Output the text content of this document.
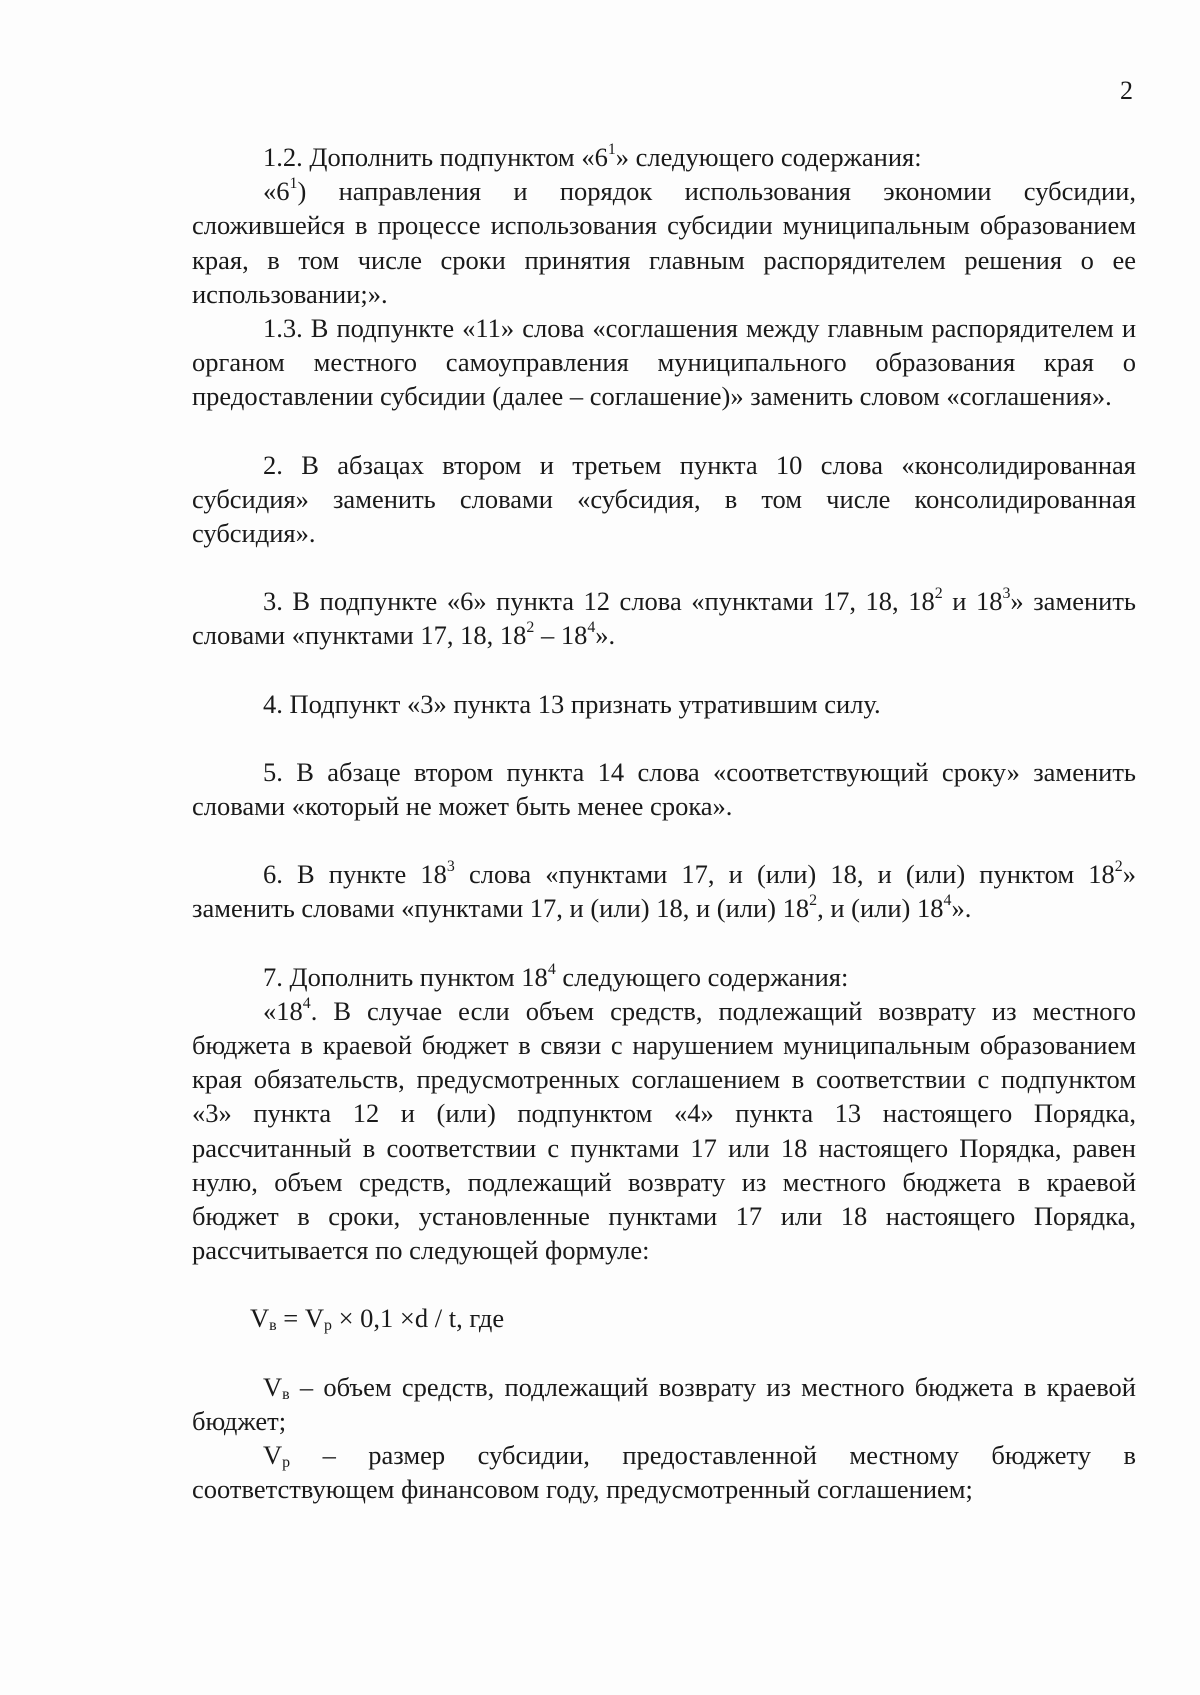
2

1.2. Дополнить подпунктом «$6^1$» следующего содержания:

«$6^1$) направления и порядок использования экономии субсидии, сложившейся в процессе использования субсидии муниципальным образованием края, в том числе сроки принятия главным распорядителем решения о ее использовании;».

1.3. В подпункте «11» слова «соглашения между главным распорядителем и органом местного самоуправления муниципального образования края о предоставлении субсидии (далее – соглашение)» заменить словом «соглашения».

2. В абзацах втором и третьем пункта 10 слова «консолидированная субсидия» заменить словами «субсидия, в том числе консолидированная субсидия».

3. В подпункте «6» пункта 12 слова «пунктами 17, 18, $18^2$ и $18^3$» заменить словами «пунктами 17, 18, $18^2 - 18^4$».

4. Подпункт «3» пункта 13 признать утратившим силу.

5. В абзаце втором пункта 14 слова «соответствующий сроку» заменить словами «который не может быть менее срока».

6. В пункте $18^3$ слова «пунктами 17, и (или) 18, и (или) пунктом $18^2$» заменить словами «пунктами 17, и (или) 18, и (или) $18^2$, и (или) $18^4$».

7. Дополнить пунктом $18^4$ следующего содержания:

«$18^4$. В случае если объем средств, подлежащий возврату из местного бюджета в краевой бюджет в связи с нарушением муниципальным образованием края обязательств, предусмотренных соглашением в соответствии с подпунктом «3» пункта 12 и (или) подпунктом «4» пункта 13 настоящего Порядка, рассчитанный в соответствии с пунктами 17 или 18 настоящего Порядка, равен нулю, объем средств, подлежащий возврату из местного бюджета в краевой бюджет в сроки, установленные пунктами 17 или 18 настоящего Порядка, рассчитывается по следующей формуле:

$V_в = V_р \times 0,1 \times d / t$, где

$V_в$ – объем средств, подлежащий возврату из местного бюджета в краевой бюджет;

$V_р$ – размер субсидии, предоставленной местному бюджету в соответствующем финансовом году, предусмотренный соглашением;
